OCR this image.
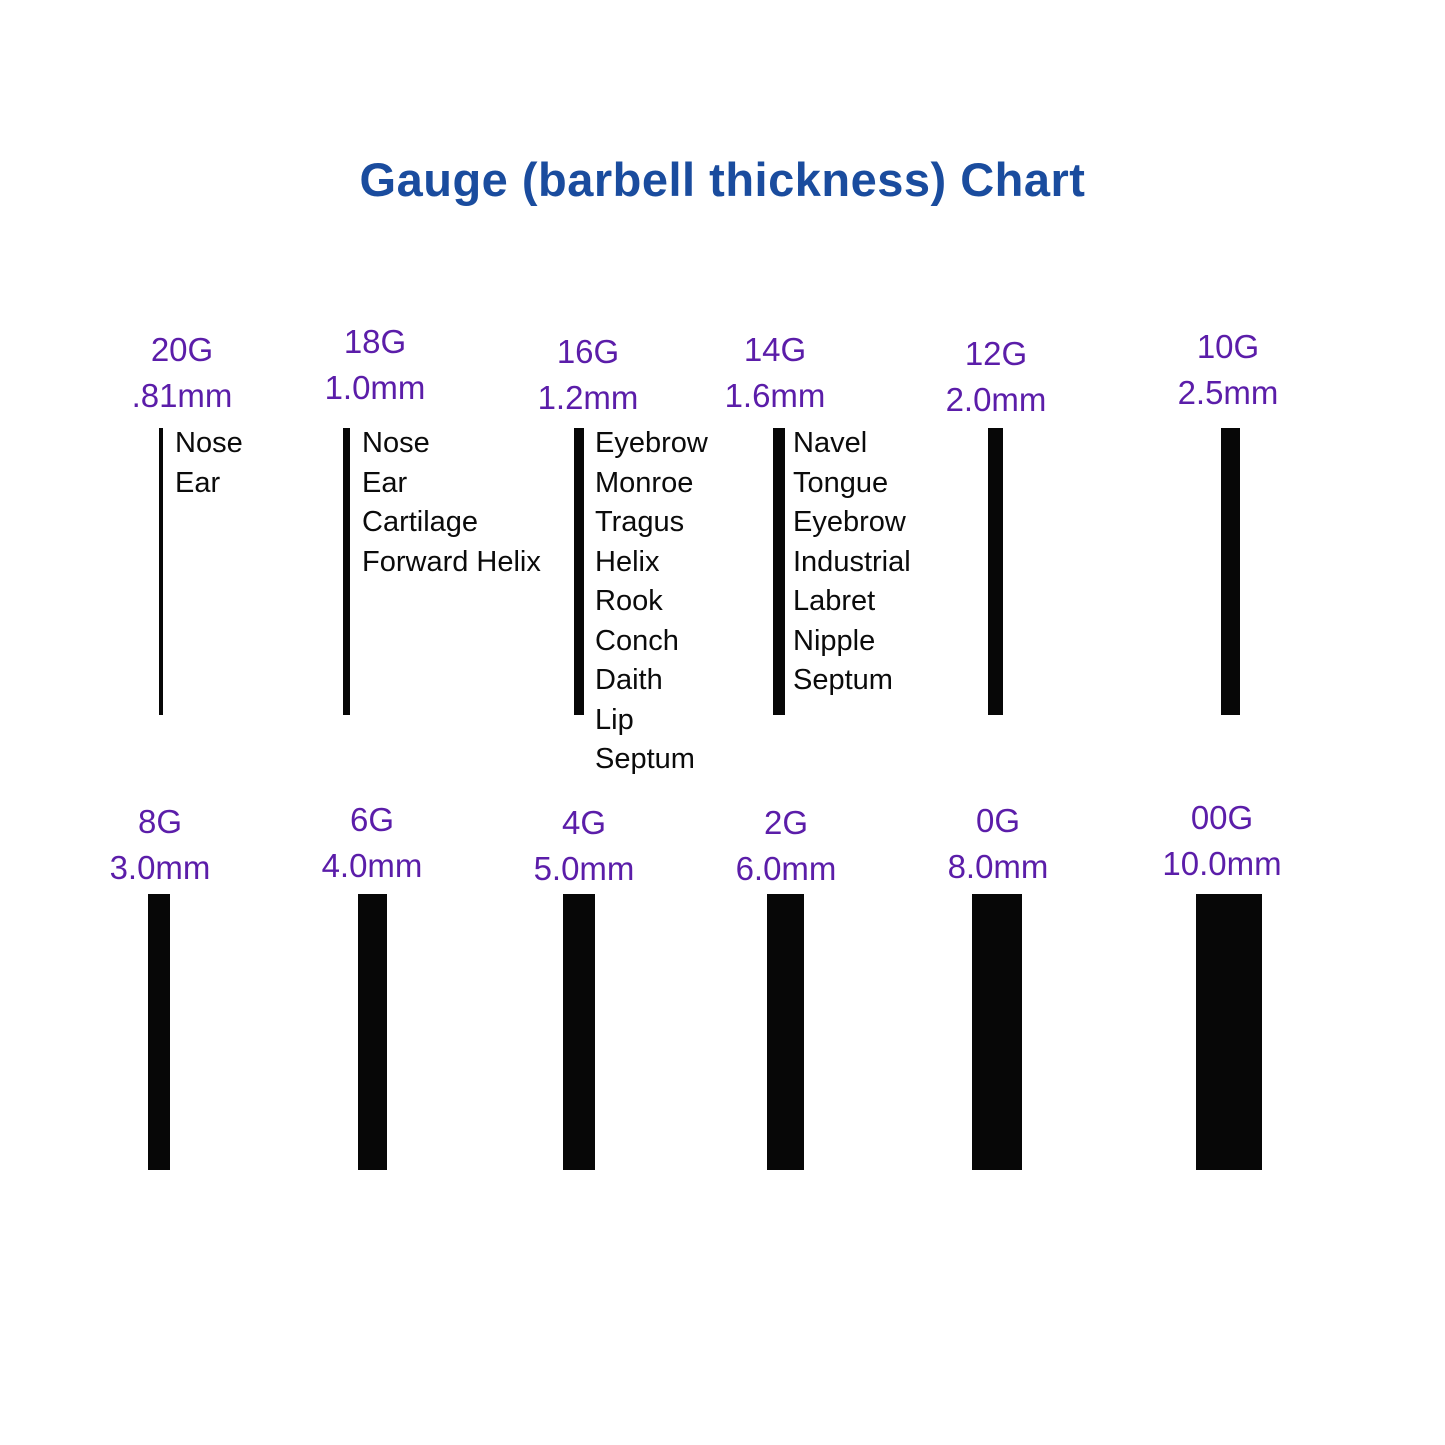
Gauge (barbell thickness) Chart
20G
.81mm
Nose
Ear
18G
1.0mm
Nose
Ear
Cartilage
Forward Helix
16G
1.2mm
Eyebrow
Monroe
Tragus
Helix
Rook
Conch
Daith
Lip
Septum
14G
1.6mm
Navel
Tongue
Eyebrow
Industrial
Labret
Nipple
Septum
12G
2.0mm
10G
2.5mm
8G
3.0mm
6G
4.0mm
4G
5.0mm
2G
6.0mm
0G
8.0mm
00G
10.0mm
